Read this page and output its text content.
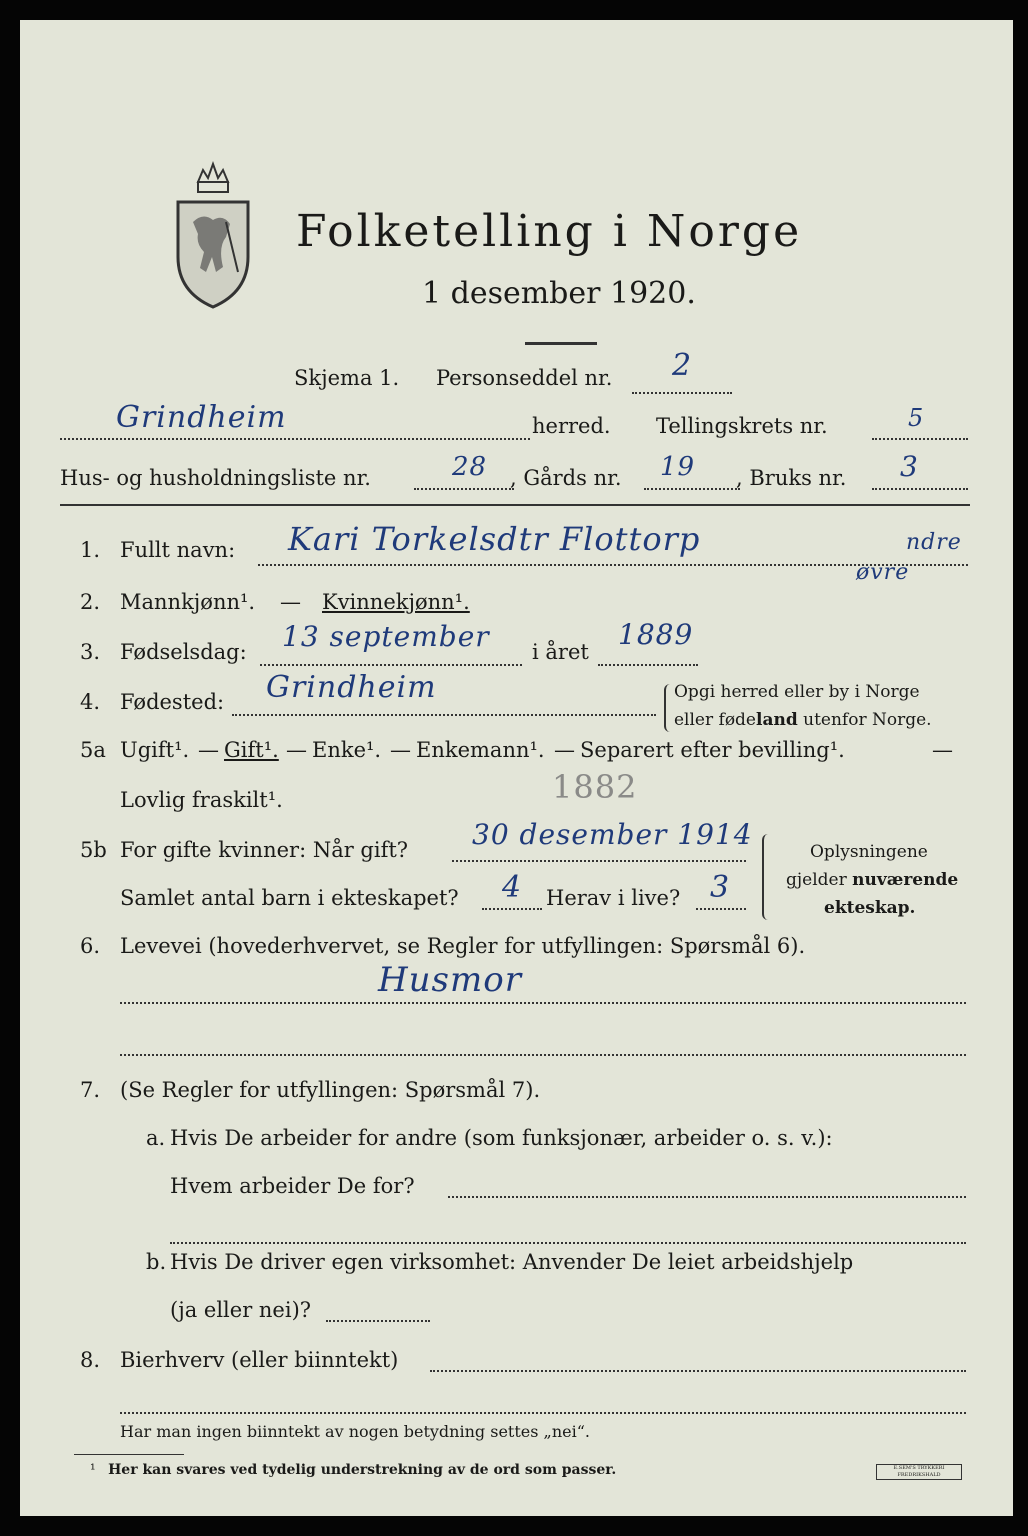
Folketelling i Norge
1 desember 1920.
Skjema 1. Personseddel nr. 2
Grindheim	herred. Tellingskrets nr.	5
Hus- og husholdningsliste nr.	28 , Gårds nr. 19 , Bruks nr. 3
1. Fullt navn: Kari Torkelsdtr Flottorp	ndre
øvre
2. Mannkjønn¹. — Kvinnekjønn¹.
3. Fødselsdag: 13 september i året
1889
4. Fødested: Grindheim	Opgi herred eller by i Norge
eller fødeland utenfor Norge.
5a Ugift¹. — Gift¹. — Enke¹. — Enkemann¹. — Separert efter bevilling¹.	—
Lovlig fraskilt¹.	1882
5b For gifte kvinner: Når gift? 30 desember 1914
Samlet antal barn i ekteskapet? 4 Herav i live? 3
Oplysningene
gjelder nuværende
ekteskap.
6. Levevei (hovederhvervet, se Regler for utfyllingen: Spørsmål 6).
Husmor
7. (Se Regler for utfyllingen: Spørsmål 7).
a. Hvis De arbeider for andre (som funksjonær, arbeider o. s. v.):
Hvem arbeider De for?
b. Hvis De driver egen virksomhet: Anvender De leiet arbeidshjelp
(ja eller nei)?
8. Bierhverv (eller biinntekt)
Har man ingen biinntekt av nogen betydning settes „nei“.
¹ Her kan svares ved tydelig understrekning av de ord som passer.	E.SEM'S TRYKKERI FREDRIKSHALD
